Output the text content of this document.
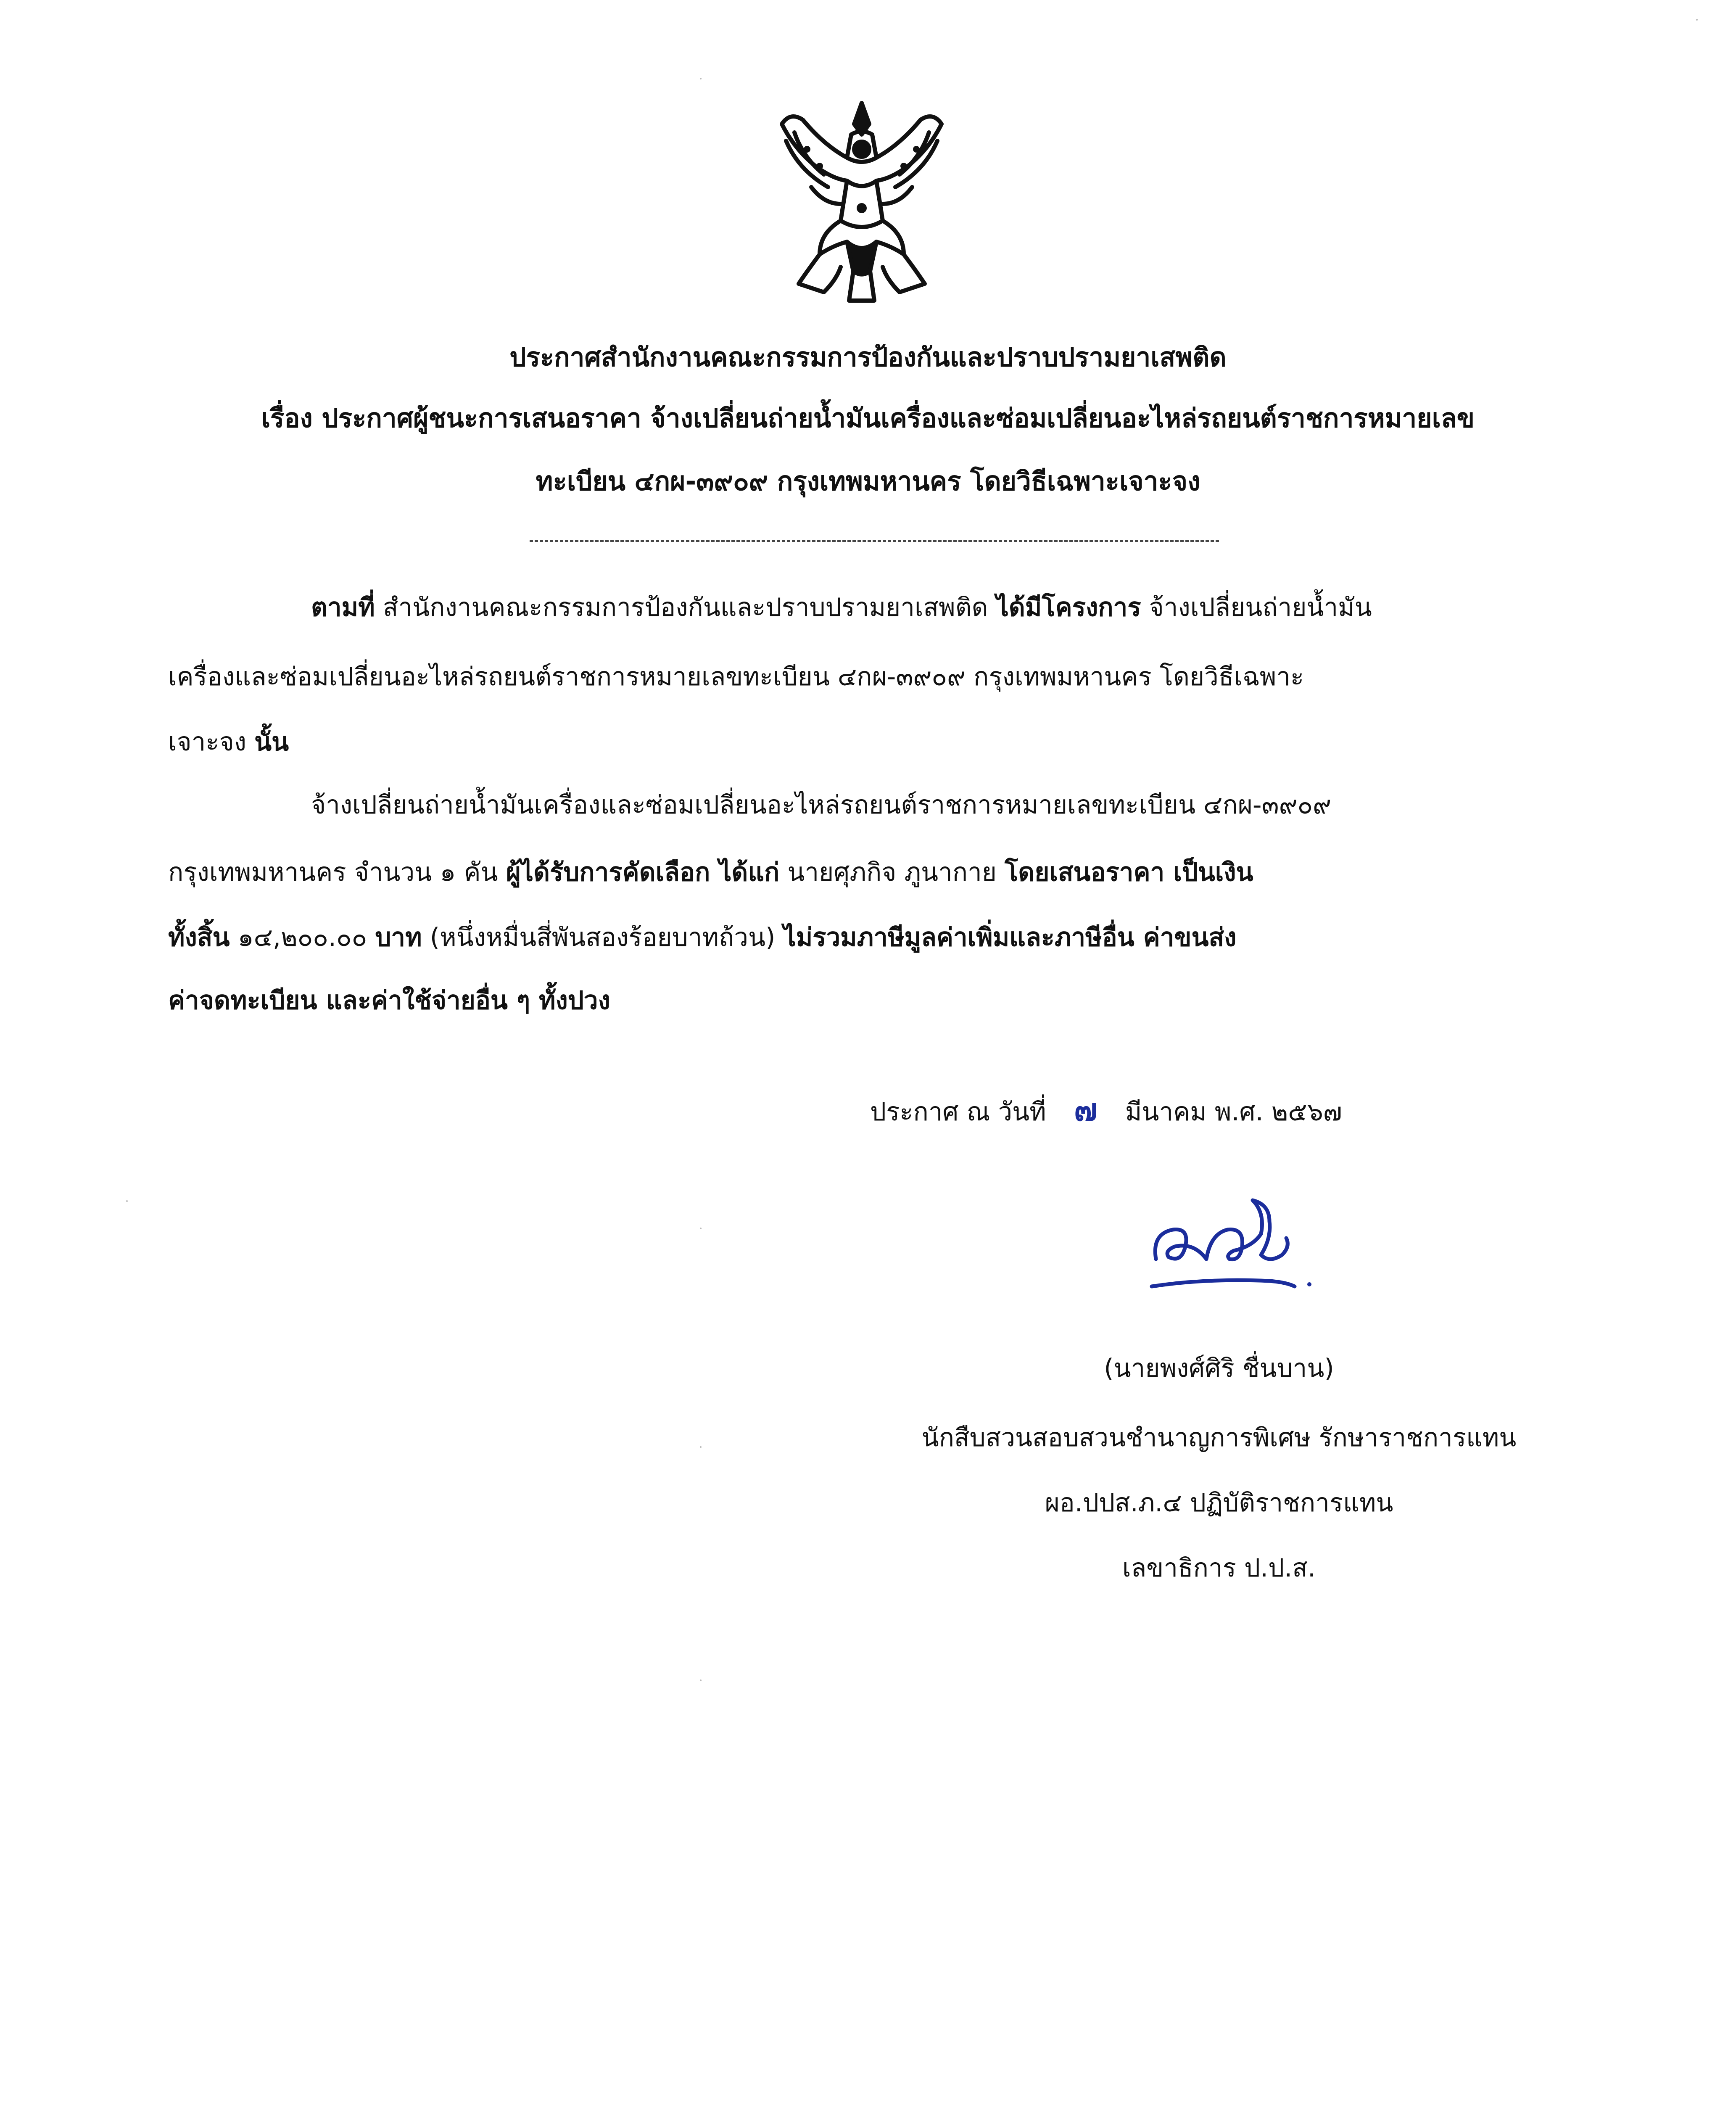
ประกาศสำนักงานคณะกรรมการป้องกันและปราบปรามยาเสพติด
เรื่อง ประกาศผู้ชนะการเสนอราคา จ้างเปลี่ยนถ่ายน้ำมันเครื่องและซ่อมเปลี่ยนอะไหล่รถยนต์ราชการหมายเลข
ทะเบียน ๔กผ-๓๙๐๙ กรุงเทพมหานคร โดยวิธีเฉพาะเจาะจง
ตามที่ สำนักงานคณะกรรมการป้องกันและปราบปรามยาเสพติด ได้มีโครงการ จ้างเปลี่ยนถ่ายน้ำมัน
เครื่องและซ่อมเปลี่ยนอะไหล่รถยนต์ราชการหมายเลขทะเบียน ๔กผ-๓๙๐๙ กรุงเทพมหานคร โดยวิธีเฉพาะ
เจาะจง นั้น
จ้างเปลี่ยนถ่ายน้ำมันเครื่องและซ่อมเปลี่ยนอะไหล่รถยนต์ราชการหมายเลขทะเบียน ๔กผ-๓๙๐๙
กรุงเทพมหานคร จำนวน ๑ คัน ผู้ได้รับการคัดเลือก ได้แก่ นายศุภกิจ ภูนากาย โดยเสนอราคา เป็นเงิน
ทั้งสิ้น ๑๔,๒๐๐.๐๐ บาท (หนึ่งหมื่นสี่พันสองร้อยบาทถ้วน) ไม่รวมภาษีมูลค่าเพิ่มและภาษีอื่น ค่าขนส่ง
ค่าจดทะเบียน และค่าใช้จ่ายอื่น ๆ ทั้งปวง
ประกาศ ณ วันที่ ๗ มีนาคม พ.ศ. ๒๕๖๗
(นายพงศ์ศิริ ชื่นบาน)
นักสืบสวนสอบสวนชำนาญการพิเศษ รักษาราชการแทน
ผอ.ปปส.ภ.๔ ปฏิบัติราชการแทน
เลขาธิการ ป.ป.ส.
